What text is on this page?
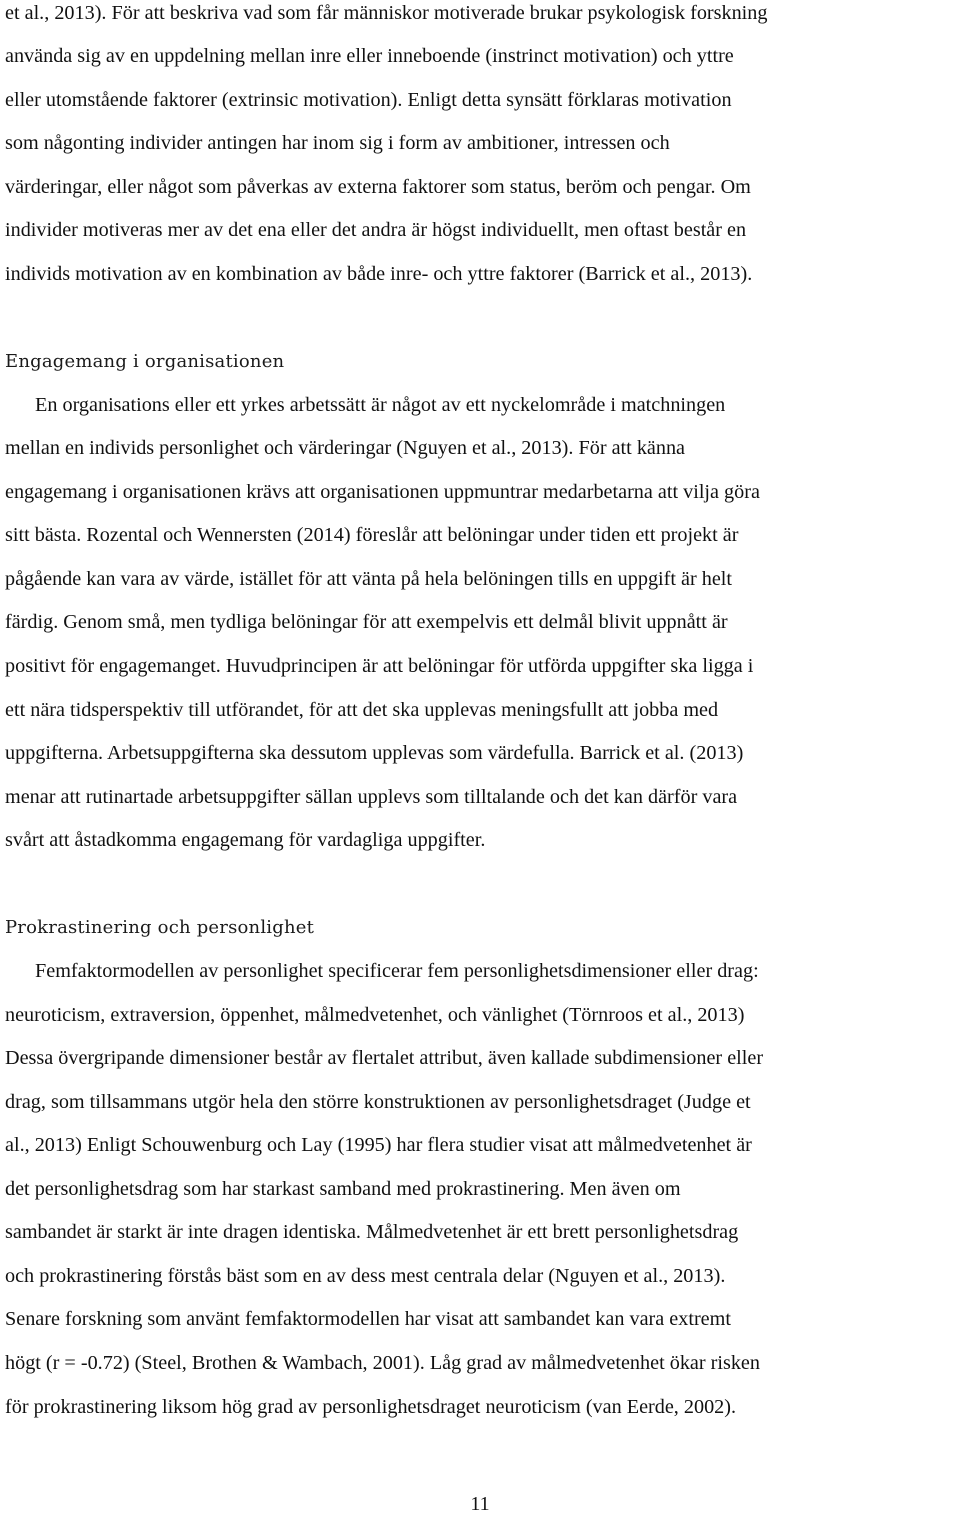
et al., 2013). För att beskriva vad som får människor motiverade brukar psykologisk forskning
använda sig av en uppdelning mellan inre eller inneboende (instrinct motivation) och yttre
eller utomstående faktorer (extrinsic motivation). Enligt detta synsätt förklaras motivation
som någonting individer antingen har inom sig i form av ambitioner, intressen och
värderingar, eller något som påverkas av externa faktorer som status, beröm och pengar. Om
individer motiveras mer av det ena eller det andra är högst individuellt, men oftast består en
individs motivation av en kombination av både inre- och yttre faktorer (Barrick et al., 2013).
Engagemang i organisationen
En organisations eller ett yrkes arbetssätt är något av ett nyckelområde i matchningen
mellan en individs personlighet och värderingar (Nguyen et al., 2013). För att känna
engagemang i organisationen krävs att organisationen uppmuntrar medarbetarna att vilja göra
sitt bästa. Rozental och Wennersten (2014) föreslår att belöningar under tiden ett projekt är
pågående kan vara av värde, istället för att vänta på hela belöningen tills en uppgift är helt
färdig. Genom små, men tydliga belöningar för att exempelvis ett delmål blivit uppnått är
positivt för engagemanget. Huvudprincipen är att belöningar för utförda uppgifter ska ligga i
ett nära tidsperspektiv till utförandet, för att det ska upplevas meningsfullt att jobba med
uppgifterna. Arbetsuppgifterna ska dessutom upplevas som värdefulla. Barrick et al. (2013)
menar att rutinartade arbetsuppgifter sällan upplevs som tilltalande och det kan därför vara
svårt att åstadkomma engagemang för vardagliga uppgifter.
Prokrastinering och personlighet
Femfaktormodellen av personlighet specificerar fem personlighetsdimensioner eller drag:
neuroticism, extraversion, öppenhet, målmedvetenhet, och vänlighet (Törnroos et al., 2013)
Dessa övergripande dimensioner består av flertalet attribut, även kallade subdimensioner eller
drag, som tillsammans utgör hela den större konstruktionen av personlighetsdraget (Judge et
al., 2013) Enligt Schouwenburg och Lay (1995) har flera studier visat att målmedvetenhet är
det personlighetsdrag som har starkast samband med prokrastinering. Men även om
sambandet är starkt är inte dragen identiska. Målmedvetenhet är ett brett personlighetsdrag
och prokrastinering förstås bäst som en av dess mest centrala delar (Nguyen et al., 2013).
Senare forskning som använt femfaktormodellen har visat att sambandet kan vara extremt
högt (r = -0.72) (Steel, Brothen & Wambach, 2001). Låg grad av målmedvetenhet ökar risken
för prokrastinering liksom hög grad av personlighetsdraget neuroticism (van Eerde, 2002).
11
